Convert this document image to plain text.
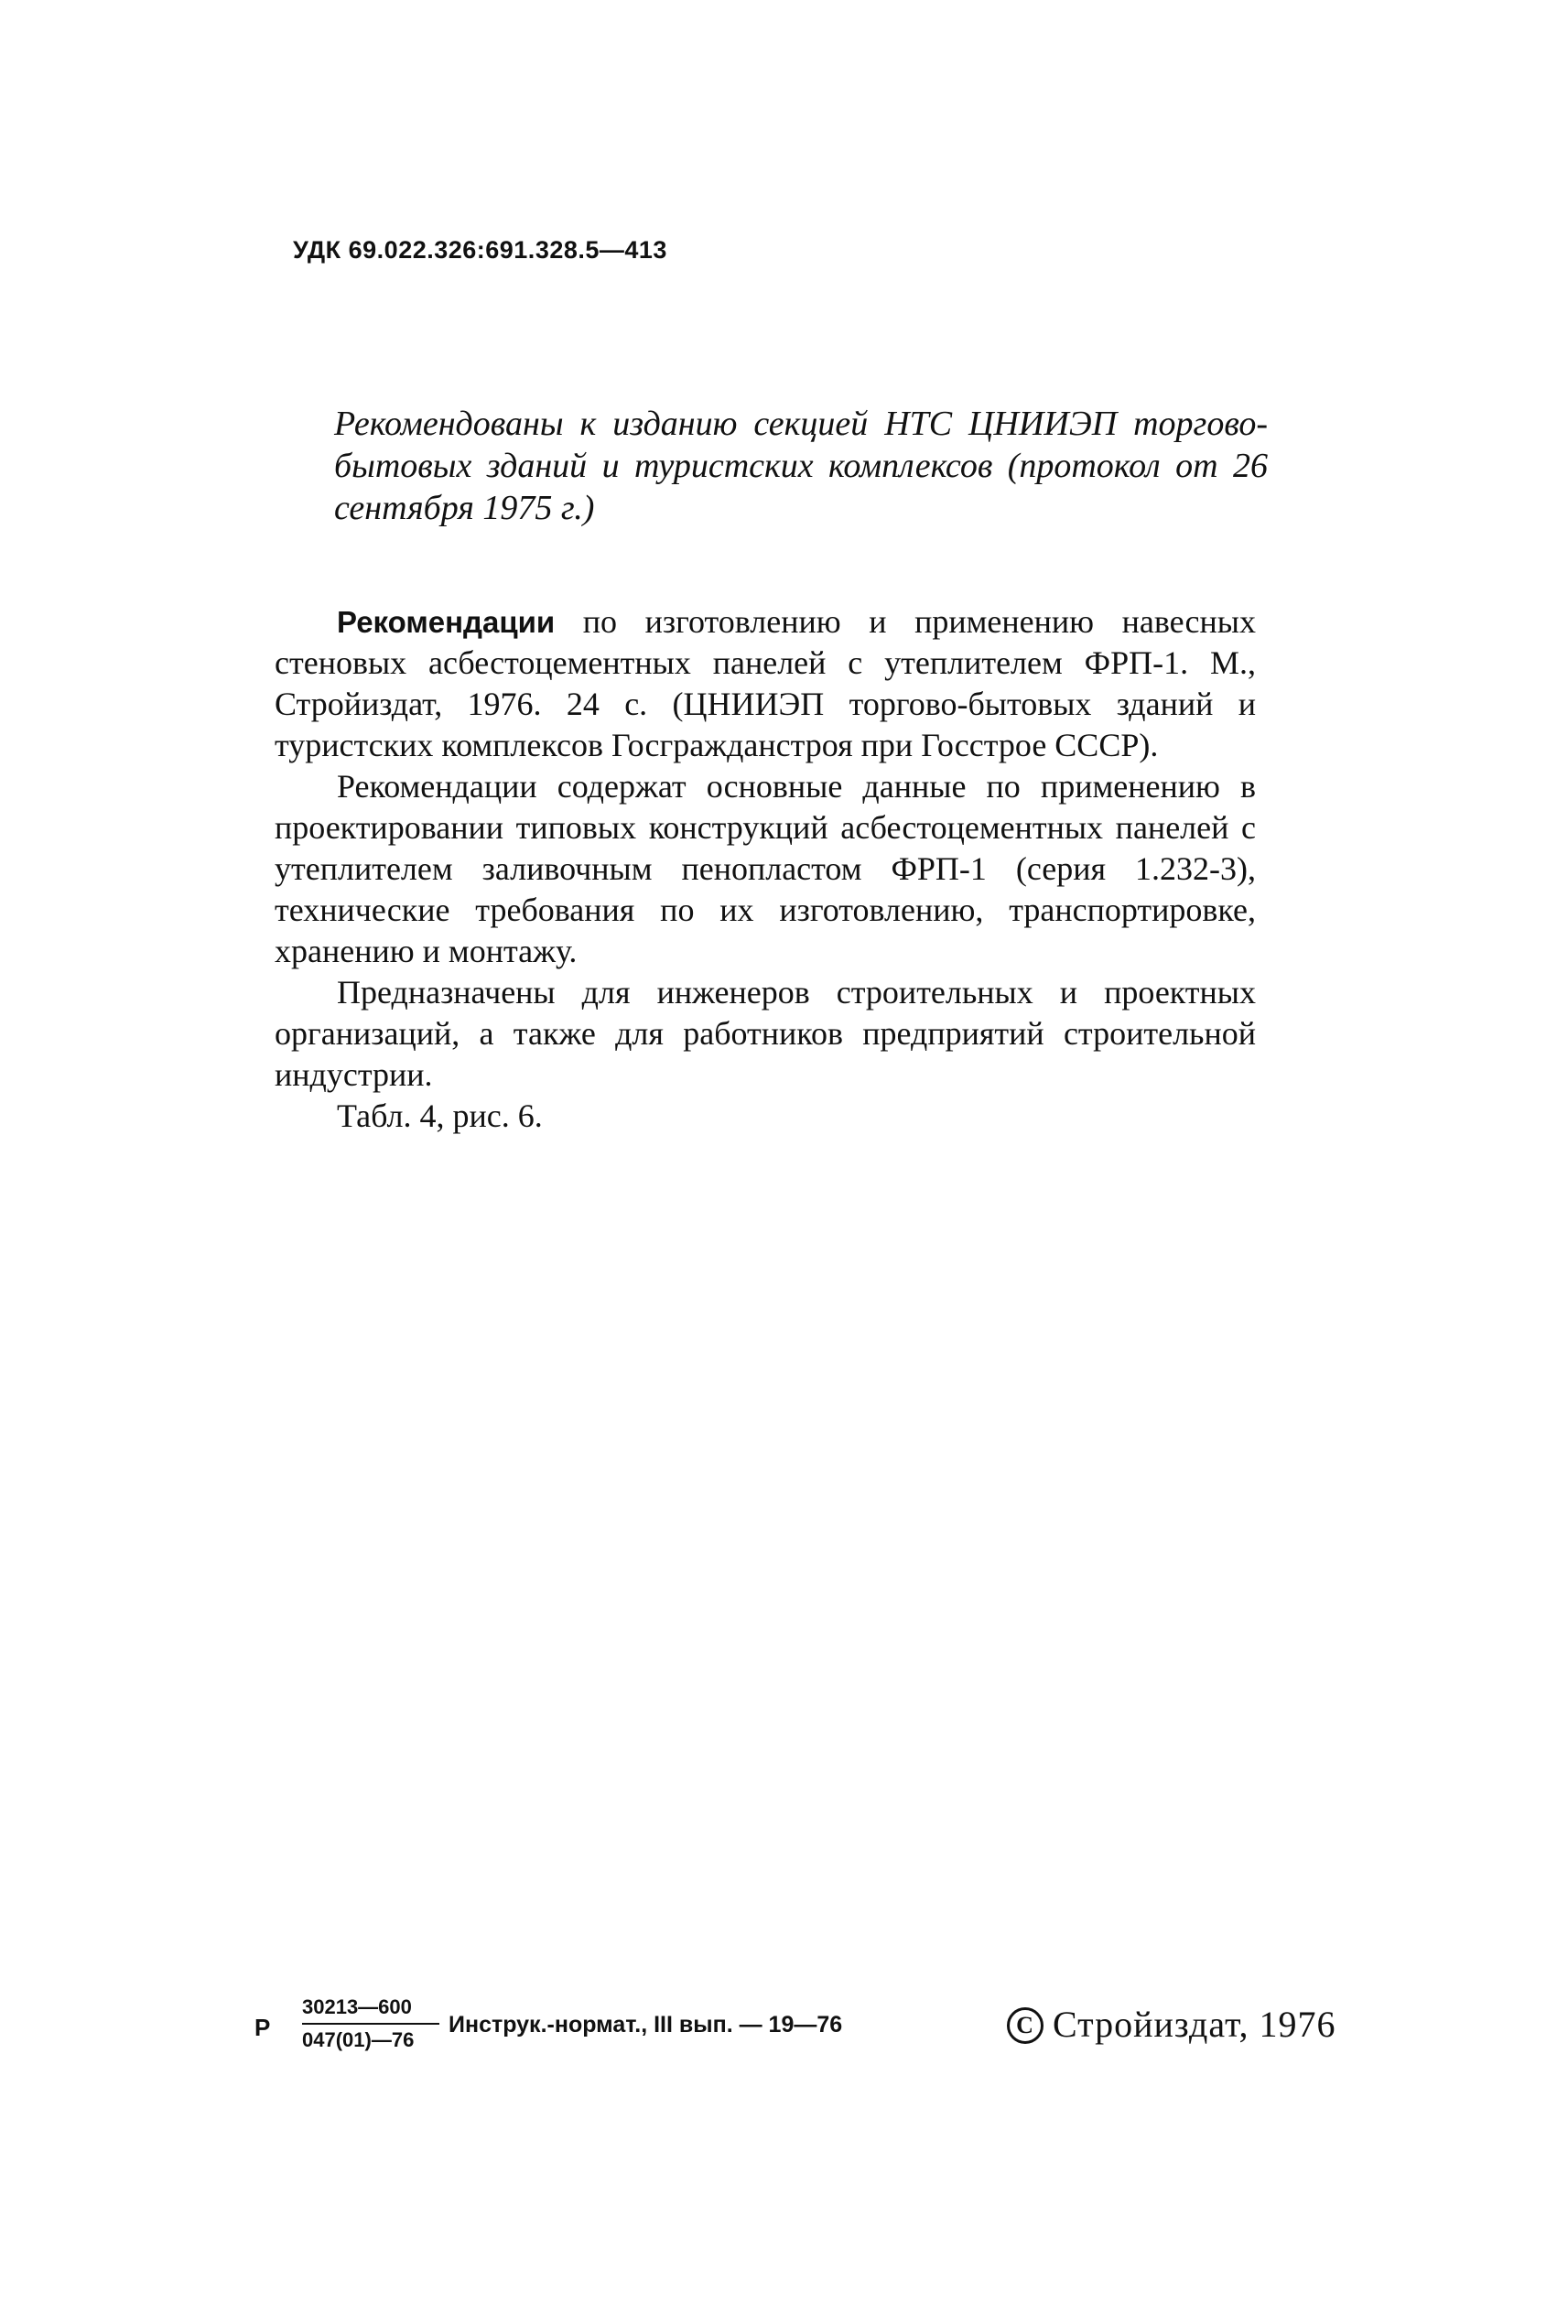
УДК 69.022.326:691.328.5—413
Рекомендованы к изданию секцией НТС ЦНИИЭП торгово-бытовых зданий и туристских комплексов (протокол от 26 сентября 1975 г.)

Рекомендации по изготовлению и применению навесных стеновых асбестоцементных панелей с утеплителем ФРП-1. М., Стройиздат, 1976. 24 с. (ЦНИИЭП торгово-бытовых зданий и туристских комплексов Госгражданстроя при Госстрое СССР).

Рекомендации содержат основные данные по применению в проектировании типовых конструкций асбестоцементных панелей с утеплителем заливочным пенопластом ФРП-1 (серия 1.232-3), технические требования по их изготовлению, транспортировке, хранению и монтажу.

Предназначены для инженеров строительных и проектных организаций, а также для работников предприятий строительной индустрии.

Табл. 4, рис. 6.

Р $\frac{30213—600}{047(01)—76}$ Инструк.-нормат., III вып. — 19—76	C Стройиздат, 1976
